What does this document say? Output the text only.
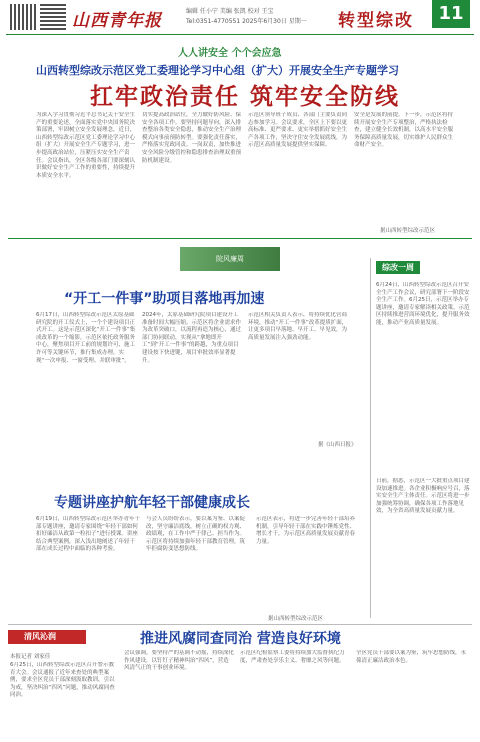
山西青年报	编辑 任小宁 美编 张凯 校对 王宝
Tel:0351-4770551 2025年6月30日 星期一 转型综改	11
人人讲安全 个个会应急
山西转型综改示范区党工委理论学习中心组（扩大）开展安全生产专题学习
扛牢政治责任 筑牢安全防线
为深入学习贯彻习近平总书记关于安全生产的重要论述，全面落实党中央国务院决策部署，牢固树立安全发展理念，近日，山西转型综改示范区党工委理论学习中心组（扩大）开展安全生产专题学习，进一步提高政治站位，压紧压实安全生产责任。会议指出，全区各级各部门要深刻认识做好安全生产工作的重要性，持续提升本质安全水平。
切实提高政治站位，全力做好防风险、保安全各项工作。要坚持问题导向，深入排查整治各类安全隐患，推动安全生产治理模式向事前预防转型。要强化责任落实，严格落实党政同责、一岗双责，加快推进安全风险分级管控和隐患排查治理双重预防机制建设。
示范区领导班子成员、各部门主要负责同志参加学习。会议要求，全区上下要以更高标准、更严要求、更实举措抓好安全生产各项工作，坚决守住安全发展底线，为示范区高质量发展提供坚实保障。
安全是发展的前提。下一步，示范区将持续开展安全生产专项整治，严格执法检查，建立健全长效机制，以高水平安全服务保障高质量发展，切实维护人民群众生命财产安全。
据山西转型综改示范区
院风廉周
综改一周
“开工一件事”助项目落地再加速
6月17日，山西转型综改示范区太原基础研究院的开工仪式上，一个个建设项目正式开工。这是示范区深化“开工一件事”集成改革的一个缩影。示范区依托政务服务中心，聚焦项目开工前的规划许可、施工许可等关键环节，推行集成办理，实现“一次申报、一窗受理、并联审批”。
2024年，太原基础研究院项目建设开工准备时间大幅压缩。示范区将企业需求作为改革突破口，以流程再造为核心，通过部门协同联动，实现从“拿地即开工”到“开工一件事”的跨越，为重点项目建设按下快进键，项目审批效率显著提升。
示范区相关负责人表示，将持续优化营商环境，推动“开工一件事”改革提质扩面，让更多项目早落地、早开工、早见效，为高质量发展注入强劲动能。
据《山西日报》
6月24日，山西转型综改示范区召开安全生产工作会议，研究部署下一阶段安全生产工作。6月25日，示范区举办专题讲座，邀请专家解读相关政策。示范区持续推进营商环境优化，提升服务效能，推动产业高质量发展。
日前，据悉，示范区一大批重点项目建设加速推进。各企业积极响应号召，落实安全生产主体责任。示范区将进一步加强统筹协调，确保各项工作落地见效，为全省高质量发展贡献力量。
专题讲座护航年轻干部健康成长
6月19日，山西转型综改示范区举办青年干部专题讲座，邀请专家围绕“年轻干部如何扣好廉洁从政第一粒扣子”进行授课。讲座结合典型案例，深入浅出地阐述了年轻干部在成长过程中面临的各种考验。
与会人员纷纷表示，要以案为鉴、以案促改，坚守廉洁底线，树立正确的权力观、政绩观，在工作中严于律己、担当作为。示范区将持续加强年轻干部教育管理，筑牢拒腐防变思想防线。
示范区表示，将进一步完善年轻干部培养机制，引导年轻干部在实践中锤炼党性、增长才干，为示范区高质量发展贡献青春力量。
据山西转型综改示范区
清风沁润	推进风腐同查同治 营造良好环境
本报记者 刘家佳
6月25日，山西转型综改示范区召开警示教育大会。会议通报了近年来查处的典型案例，要求全区党员干部深刻汲取教训，引以为戒，坚决纠治“四风”问题，推动风腐同查同治。
会议强调，要坚持严的基调不动摇，持续深化作风建设，以钉钉子精神纠治“四风”，营造风清气正的干事创业环境。
示范区纪检监察工委将持续加大监督执纪力度，严肃查处享乐主义、奢靡之风等问题。
全区党员干部要以案为鉴，筑牢思想防线，永葆清正廉洁政治本色。
